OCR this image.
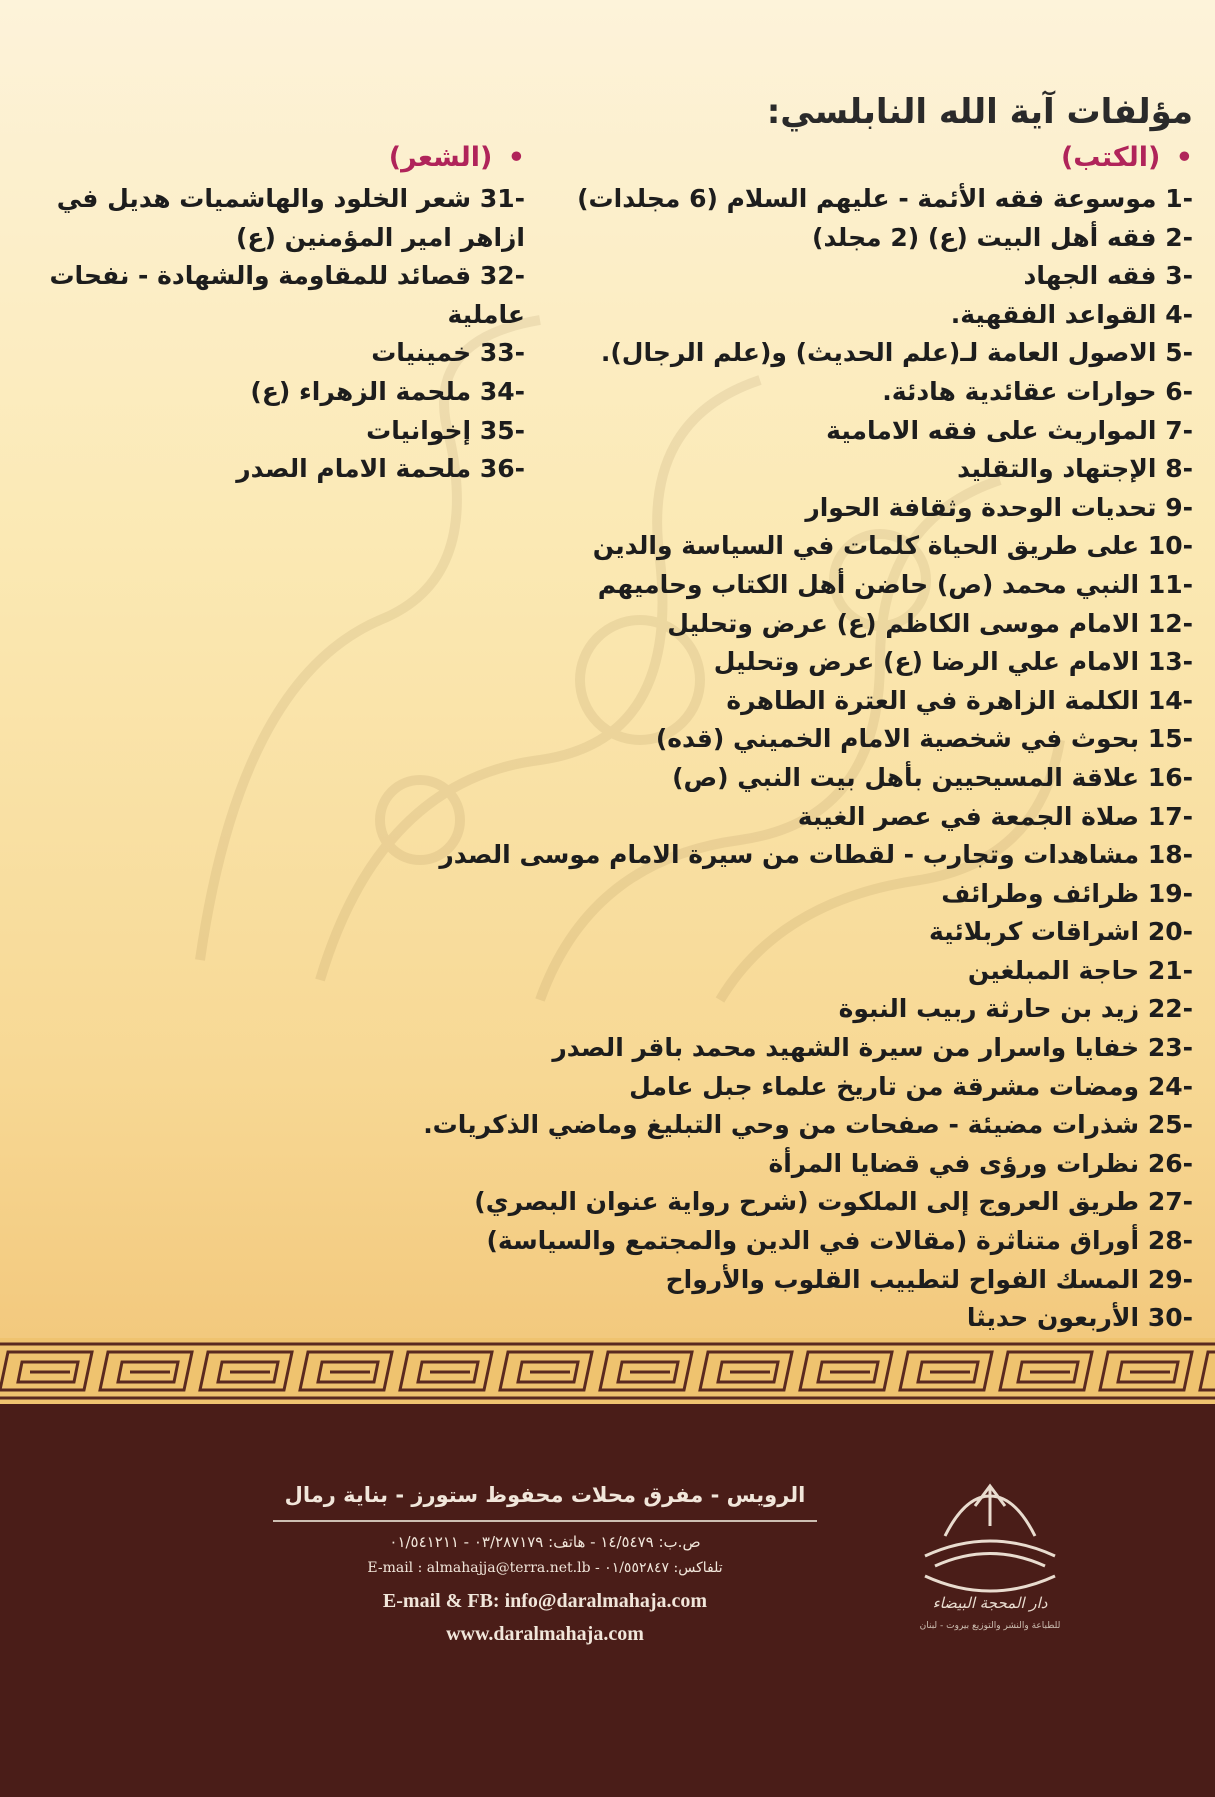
مؤلفات آية الله النابلسي:
• (الكتب)
-1 موسوعة فقه الأئمة - عليهم السلام (6 مجلدات)
-2 فقه أهل البيت (ع) (2 مجلد)
-3 فقه الجهاد
-4 القواعد الفقهية.
-5 الاصول العامة لـ(علم الحديث) و(علم الرجال).
-6 حوارات عقائدية هادئة.
-7 المواريث على فقه الامامية
-8 الإجتهاد والتقليد
-9 تحديات الوحدة وثقافة الحوار
-10 على طريق الحياة كلمات في السياسة والدين
-11 النبي محمد (ص) حاضن أهل الكتاب وحاميهم
-12 الامام موسى الكاظم (ع) عرض وتحليل
-13 الامام علي الرضا (ع) عرض وتحليل
-14 الكلمة الزاهرة في العترة الطاهرة
-15 بحوث في شخصية الامام الخميني (قده)
-16 علاقة المسيحيين بأهل بيت النبي (ص)
-17 صلاة الجمعة في عصر الغيبة
-18 مشاهدات وتجارب - لقطات من سيرة الامام موسى الصدر
-19 ظرائف وطرائف
-20 اشراقات كربلائية
-21 حاجة المبلغين
-22 زيد بن حارثة ربيب النبوة
-23 خفايا واسرار من سيرة الشهيد محمد باقر الصدر
-24 ومضات مشرقة من تاريخ علماء جبل عامل
-25 شذرات مضيئة - صفحات من وحي التبليغ وماضي الذكريات.
-26 نظرات ورؤى في قضايا المرأة
-27 طريق العروج إلى الملكوت (شرح رواية عنوان البصري)
-28 أوراق متناثرة (مقالات في الدين والمجتمع والسياسة)
-29 المسك الفواح لتطييب القلوب والأرواح
-30 الأربعون حديثا
• (الشعر)
-31 شعر الخلود والهاشميات هديل في ازاهر امير المؤمنين (ع)
-32 قصائد للمقاومة والشهادة - نفحات عاملية
-33 خمينيات
-34 ملحمة الزهراء (ع)
-35 إخوانيات
-36 ملحمة الامام الصدر
دار المحجة البيضاء
للطباعة والنشر والتوزيع بيروت - لبنان
الرويس - مفرق محلات محفوظ ستورز - بناية رمال
ص.ب: ١٤/٥٤٧٩ - هاتف: ٠٣/٢٨٧١٧٩ - ٠١/٥٤١٢١١
تلفاكس: ٠١/٥٥٢٨٤٧ - E-mail : almahajja@terra.net.lb
E-mail & FB: info@daralmahaja.com
www.daralmahaja.com
